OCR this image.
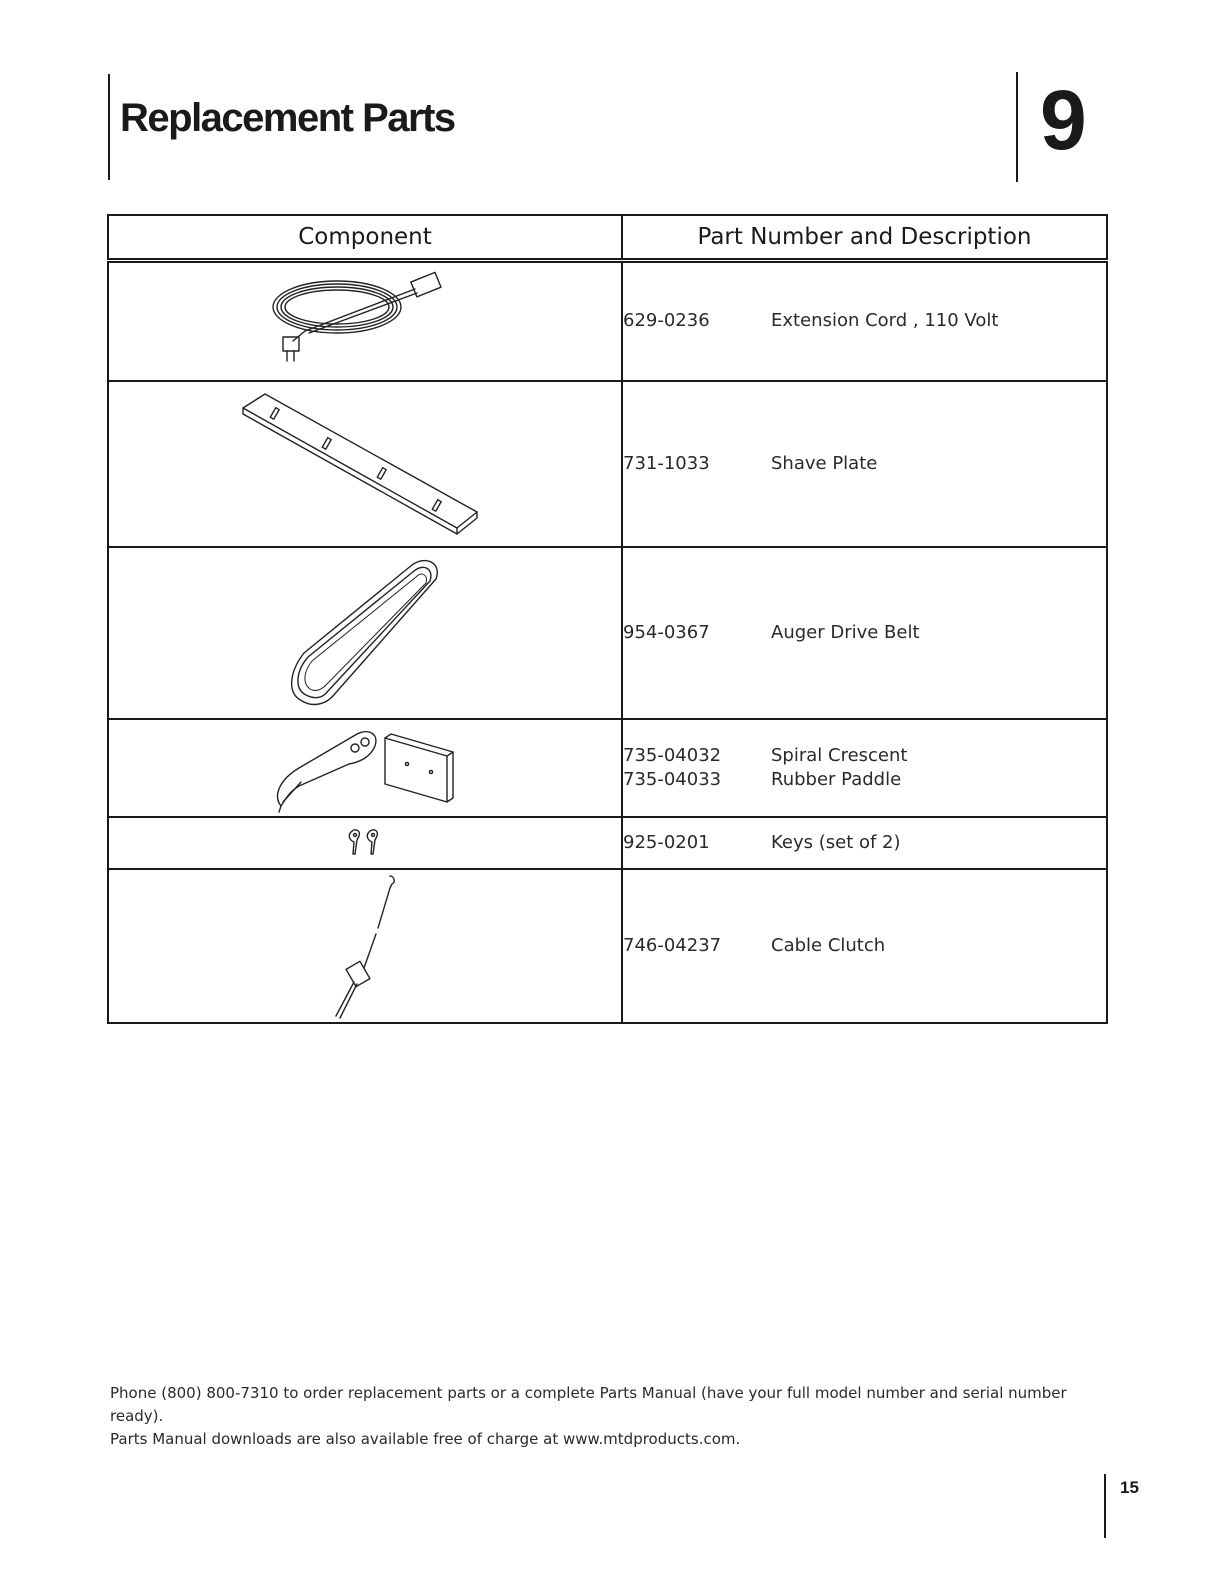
Replacement Parts	9
Component	Part Number and Description

629-0236 Extension Cord , 110 Volt

731-1033 Shave Plate

954-0367 Auger Drive Belt

735-04032 Spiral Crescent
735-04033 Rubber Paddle

925-0201 Keys (set of 2)

746-04237 Cable Clutch

Phone (800) 800-7310 to order replacement parts or a complete Parts Manual (have your full model number and serial number ready).

Parts Manual downloads are also available free of charge at www.mtdproducts.com.

15
